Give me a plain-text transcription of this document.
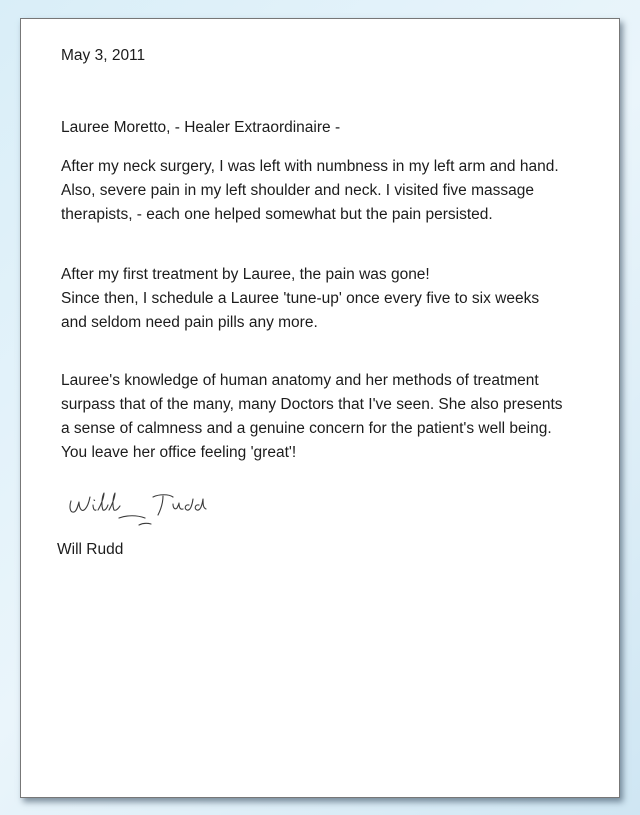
May 3, 2011
Lauree Moretto, - Healer Extraordinaire -

After my neck surgery, I was left with numbness in my left arm and hand.

Also, severe pain in my left shoulder and neck. I visited five massage

therapists, - each one helped somewhat but the pain persisted.

After my first treatment by Lauree, the pain was gone!

Since then, I schedule a Lauree 'tune-up' once every five to six weeks

and seldom need pain pills any more.

Lauree's knowledge of human anatomy and her methods of treatment

surpass that of the many, many Doctors that I've seen. She also presents

a sense of calmness and a genuine concern for the patient's well being.

You leave her office feeling 'great'!

Will Rudd
